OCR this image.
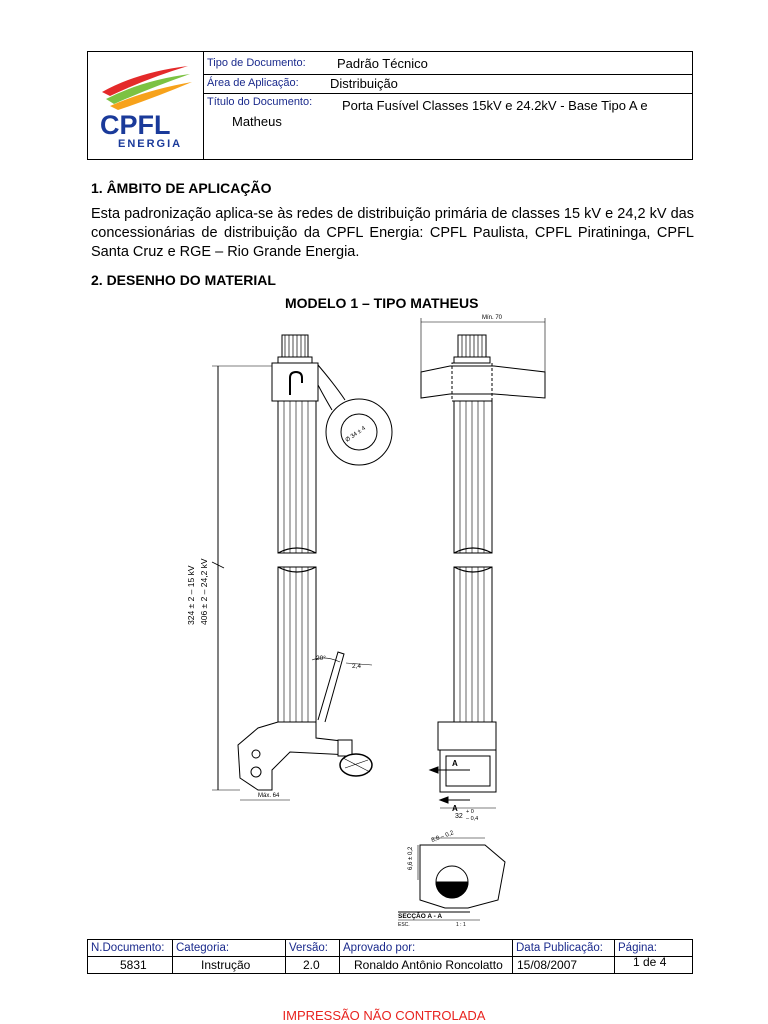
CPFL
ENERGIA
Tipo de Documento: Padrão Técnico
Área de Aplicação: Distribuição
Título do Documento: Porta Fusível Classes 15kV e 24.2kV - Base Tipo A e
Matheus
1. ÂMBITO DE APLICAÇÃO
Esta padronização aplica-se às redes de distribuição primária de classes 15 kV e 24,2 kV das concessionárias de distribuição da CPFL Energia: CPFL Paulista, CPFL Piratininga, CPFL Santa Cruz e RGE – Rio Grande Energia.
2. DESENHO DO MATERIAL
MODELO 1 – TIPO MATHEUS
324 ± 2 – 15 kV 406 ± 2 – 24,2 kV
Ø 34 ± 4
20°
2,4
Máx. 64
Mín. 70
A
A
32
+ 0
– 0,4
6,6 ± 0,2
8,8 – 0,2
SECÇÃO A - A
ESC.	1 : 1
N.Documento:
5831
Categoria:
Instrução
Versão:
2.0
Aprovado por:
Ronaldo Antônio Roncolatto
Data Publicação:
15/08/2007
Página:
1 de 4
IMPRESSÃO NÃO CONTROLADA
